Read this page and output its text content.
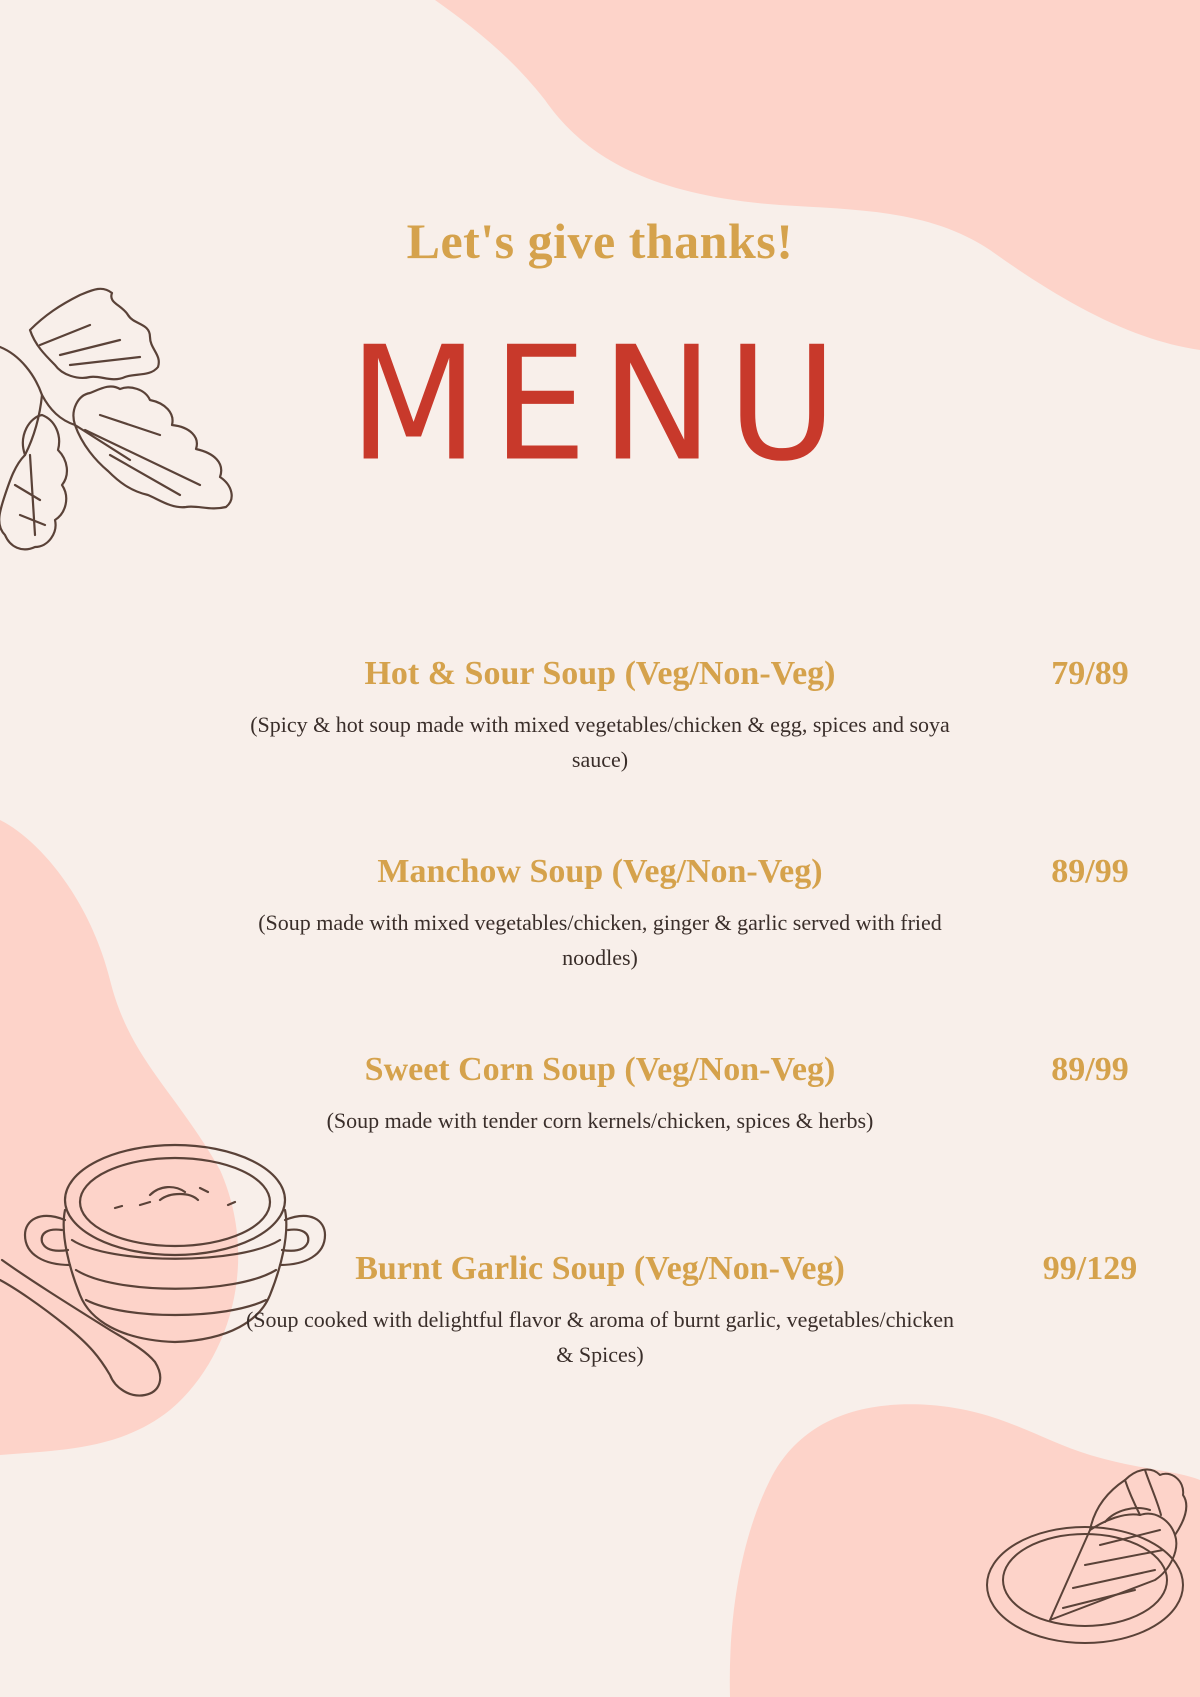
Let's give thanks!
MENU
Hot & Sour Soup (Veg/Non-Veg)	79/89
(Spicy & hot soup made with mixed vegetables/chicken & egg, spices and soya sauce)
Manchow Soup (Veg/Non-Veg)	89/99
(Soup made with mixed vegetables/chicken, ginger & garlic served with fried noodles)
Sweet Corn Soup (Veg/Non-Veg)	89/99
(Soup made with tender corn kernels/chicken, spices & herbs)
Burnt Garlic Soup (Veg/Non-Veg)	99/129
(Soup cooked with delightful flavor & aroma of burnt garlic, vegetables/chicken & Spices)
